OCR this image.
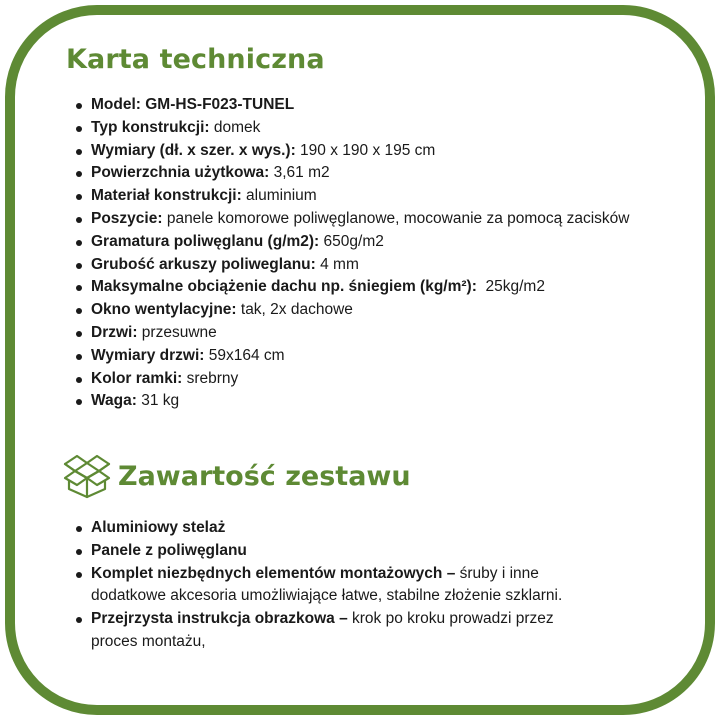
Karta techniczna
Model: GM-HS-F023-TUNEL
Typ konstrukcji: domek
Wymiary (dł. x szer. x wys.): 190 x 190 x 195 cm
Powierzchnia użytkowa: 3,61 m2
Materiał konstrukcji: aluminium
Poszycie: panele komorowe poliwęglanowe, mocowanie za pomocą zacisków
Gramatura poliwęglanu (g/m2): 650g/m2
Grubość arkuszy poliweglanu: 4 mm
Maksymalne obciążenie dachu np. śniegiem (kg/m²):  25kg/m2
Okno wentylacyjne: tak, 2x dachowe
Drzwi: przesuwne
Wymiary drzwi: 59x164 cm
Kolor ramki: srebrny
Waga: 31 kg
Zawartość zestawu
Aluminiowy stelaż
Panele z poliwęglanu
Komplet niezbędnych elementów montażowych – śruby i inne
dodatkowe akcesoria umożliwiające łatwe, stabilne złożenie szklarni.
Przejrzysta instrukcja obrazkowa – krok po kroku prowadzi przez
proces montażu,
